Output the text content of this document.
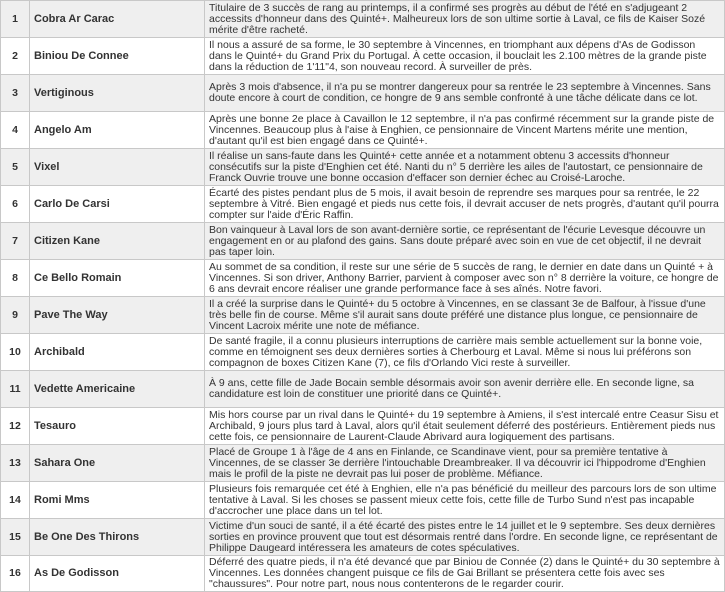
1	Cobra Ar Carac	Titulaire de 3 succès de rang au printemps, il a confirmé ses progrès au début de l'été en s'adjugeant 2 accessits d'honneur dans des Quinté+. Malheureux lors de son ultime sortie à Laval, ce fils de Kaiser Sozé mérite d'être racheté.
2	Biniou De Connee	Il nous a assuré de sa forme, le 30 septembre à Vincennes, en triomphant aux dépens d'As de Godisson dans le Quinté+ du Grand Prix du Portugal. À cette occasion, il bouclait les 2.100 mètres de la grande piste dans la réduction de 1'11"4, son nouveau record. À surveiller de près.
3	Vertiginous	Après 3 mois d'absence, il n'a pu se montrer dangereux pour sa rentrée le 23 septembre à Vincennes. Sans doute encore à court de condition, ce hongre de 9 ans semble confronté à une tâche délicate dans ce lot.
4	Angelo Am	Après une bonne 2e place à Cavaillon le 12 septembre, il n'a pas confirmé récemment sur la grande piste de Vincennes. Beaucoup plus à l'aise à Enghien, ce pensionnaire de Vincent Martens mérite une mention, d'autant qu'il est bien engagé dans ce Quinté+.
5	Vixel	Il réalise un sans-faute dans les Quinté+ cette année et a notamment obtenu 3 accessits d'honneur consécutifs sur la piste d'Enghien cet été. Nanti du n° 5 derrière les ailes de l'autostart, ce pensionnaire de Franck Ouvrie trouve une bonne occasion d'effacer son dernier échec au Croisé-Laroche.
6	Carlo De Carsi	Écarté des pistes pendant plus de 5 mois, il avait besoin de reprendre ses marques pour sa rentrée, le 22 septembre à Vitré. Bien engagé et pieds nus cette fois, il devrait accuser de nets progrès, d'autant qu'il pourra compter sur l'aide d'Éric Raffin.
7	Citizen Kane	Bon vainqueur à Laval lors de son avant-dernière sortie, ce représentant de l'écurie Levesque découvre un engagement en or au plafond des gains. Sans doute préparé avec soin en vue de cet objectif, il ne devrait pas taper loin.
8	Ce Bello Romain	Au sommet de sa condition, il reste sur une série de 5 succès de rang, le dernier en date dans un Quinté + à Vincennes. Si son driver, Anthony Barrier, parvient à composer avec son n° 8 derrière la voiture, ce hongre de 6 ans devrait encore réaliser une grande performance face à ses aînés. Notre favori.
9	Pave The Way	Il a créé la surprise dans le Quinté+ du 5 octobre à Vincennes, en se classant 3e de Balfour, à l'issue d'une très belle fin de course. Même s'il aurait sans doute préféré une distance plus longue, ce pensionnaire de Vincent Lacroix mérite une note de méfiance.
10	Archibald	De santé fragile, il a connu plusieurs interruptions de carrière mais semble actuellement sur la bonne voie, comme en témoignent ses deux dernières sorties à Cherbourg et Laval. Même si nous lui préférons son compagnon de boxes Citizen Kane (7), ce fils d'Orlando Vici reste à surveiller.
11	Vedette Americaine	À 9 ans, cette fille de Jade Bocain semble désormais avoir son avenir derrière elle. En seconde ligne, sa candidature est loin de constituer une priorité dans ce Quinté+.
12	Tesauro	Mis hors course par un rival dans le Quinté+ du 19 septembre à Amiens, il s'est intercalé entre Ceasur Sisu et Archibald, 9 jours plus tard à Laval, alors qu'il était seulement déferré des postérieurs. Entièrement pieds nus cette fois, ce pensionnaire de Laurent-Claude Abrivard aura logiquement des partisans.
13	Sahara One	Placé de Groupe 1 à l'âge de 4 ans en Finlande, ce Scandinave vient, pour sa première tentative à Vincennes, de se classer 3e derrière l'intouchable Dreambreaker. Il va découvrir ici l'hippodrome d'Enghien mais le profil de la piste ne devrait pas lui poser de problème. Méfiance.
14	Romi Mms	Plusieurs fois remarquée cet été à Enghien, elle n'a pas bénéficié du meilleur des parcours lors de son ultime tentative à Laval. Si les choses se passent mieux cette fois, cette fille de Turbo Sund n'est pas incapable d'accrocher une place dans un tel lot.
15	Be One Des Thirons	Victime d'un souci de santé, il a été écarté des pistes entre le 14 juillet et le 9 septembre. Ses deux dernières sorties en province prouvent que tout est désormais rentré dans l'ordre. En seconde ligne, ce représentant de Philippe Daugeard intéressera les amateurs de cotes spéculatives.
16	As De Godisson	Déferré des quatre pieds, il n'a été devancé que par Biniou de Connée (2) dans le Quinté+ du 30 septembre à Vincennes. Les données changent puisque ce fils de Gai Brillant se présentera cette fois avec ses "chaussures". Pour notre part, nous nous contenterons de le regarder courir.
